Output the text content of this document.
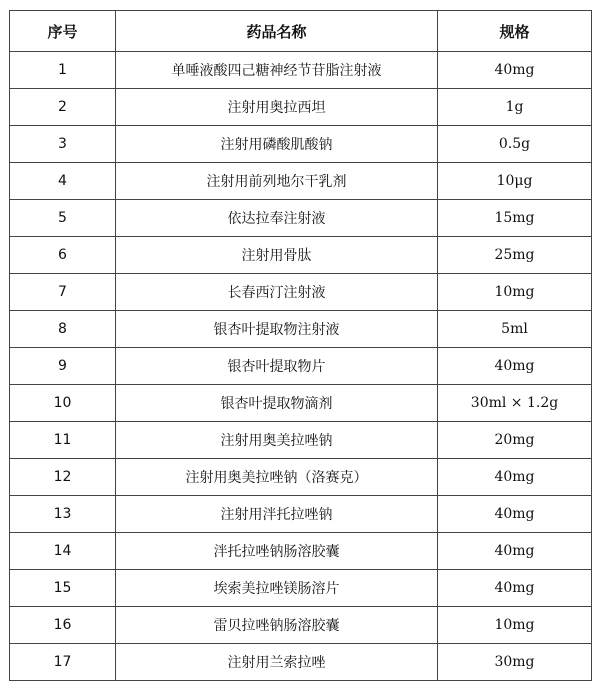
序号	药品名称	规格
1	单唾液酸四己糖神经节苷脂注射液	40mg
2	注射用奥拉西坦	1g
3	注射用磷酸肌酸钠	0.5g
4	注射用前列地尔干乳剂	10μg
5	依达拉奉注射液	15mg
6	注射用骨肽	25mg
7	长春西汀注射液	10mg
8	银杏叶提取物注射液	5ml
9	银杏叶提取物片	40mg
10	银杏叶提取物滴剂	30ml × 1.2g
11	注射用奥美拉唑钠	20mg
12	注射用奥美拉唑钠（洛赛克）	40mg
13	注射用泮托拉唑钠	40mg
14	泮托拉唑钠肠溶胶囊	40mg
15	埃索美拉唑镁肠溶片	40mg
16	雷贝拉唑钠肠溶胶囊	10mg
17	注射用兰索拉唑	30mg
